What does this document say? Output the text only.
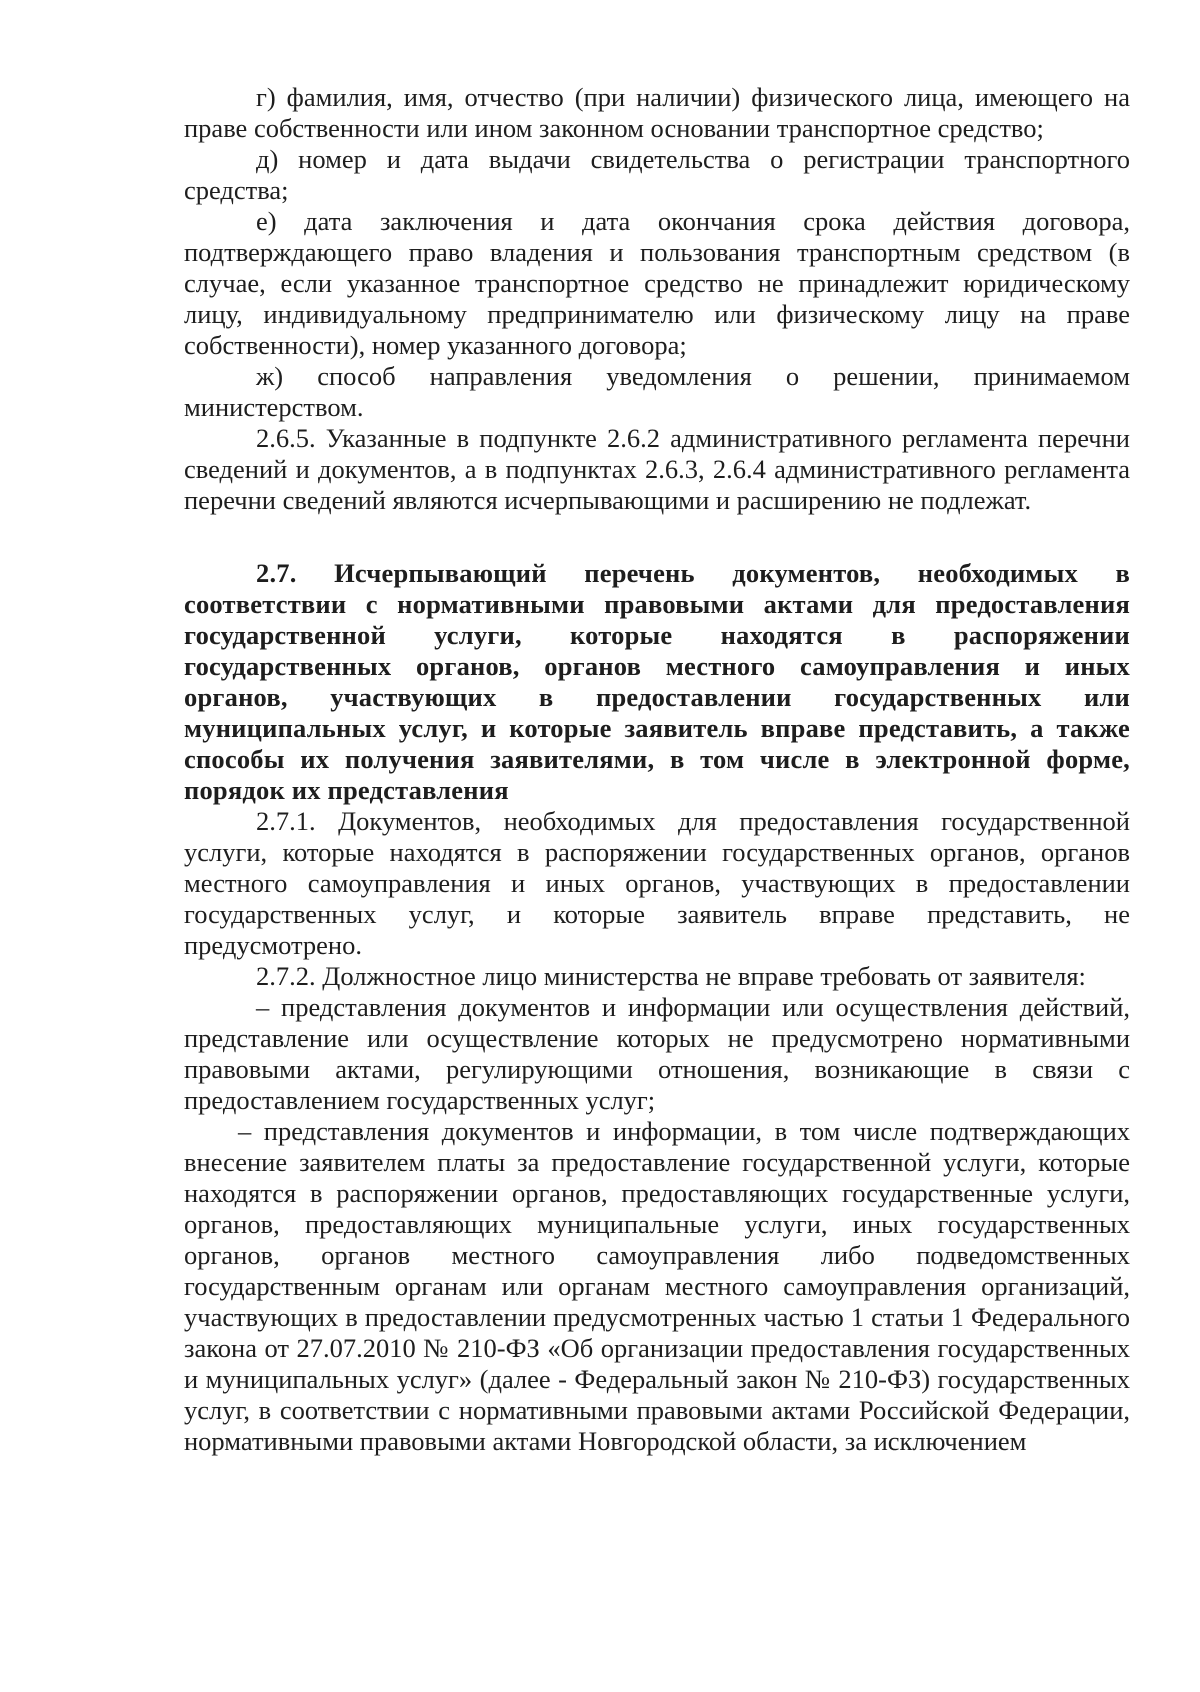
г) фамилия, имя, отчество (при наличии) физического лица, имеющего на праве собственности или ином законном основании транспортное средство;

д) номер и дата выдачи свидетельства о регистрации транспортного средства;

е) дата заключения и дата окончания срока действия договора, подтверждающего право владения и пользования транспортным средством (в случае, если указанное транспортное средство не принадлежит юридическому лицу, индивидуальному предпринимателю или физическому лицу на праве собственности), номер указанного договора;

ж) способ направления уведомления о решении, принимаемом министерством.

2.6.5. Указанные в подпункте 2.6.2 административного регламента перечни сведений и документов, а в подпунктах 2.6.3, 2.6.4 административного регламента перечни сведений являются исчерпывающими и расширению не подлежат.

2.7. Исчерпывающий перечень документов, необходимых в соответствии с нормативными правовыми актами для предоставления государственной услуги, которые находятся в распоряжении государственных органов, органов местного самоуправления и иных органов, участвующих в предоставлении государственных или муниципальных услуг, и которые заявитель вправе представить, а также способы их получения заявителями, в том числе в электронной форме, порядок их представления

2.7.1. Документов, необходимых для предоставления государственной услуги, которые находятся в распоряжении государственных органов, органов местного самоуправления и иных органов, участвующих в предоставлении государственных услуг, и которые заявитель вправе представить, не предусмотрено.

2.7.2. Должностное лицо министерства не вправе требовать от заявителя:

– представления документов и информации или осуществления действий, представление или осуществление которых не предусмотрено нормативными правовыми актами, регулирующими отношения, возникающие в связи с предоставлением государственных услуг;

– представления документов и информации, в том числе подтверждающих внесение заявителем платы за предоставление государственной услуги, которые находятся в распоряжении органов, предоставляющих государственные услуги, органов, предоставляющих муниципальные услуги, иных государственных органов, органов местного самоуправления либо подведомственных государственным органам или органам местного самоуправления организаций, участвующих в предоставлении предусмотренных частью 1 статьи 1 Федерального закона от 27.07.2010 № 210-ФЗ «Об организации предоставления государственных и муниципальных услуг» (далее - Федеральный закон № 210-ФЗ) государственных услуг, в соответствии с нормативными правовыми актами Российской Федерации, нормативными правовыми актами Новгородской области, за исключением
